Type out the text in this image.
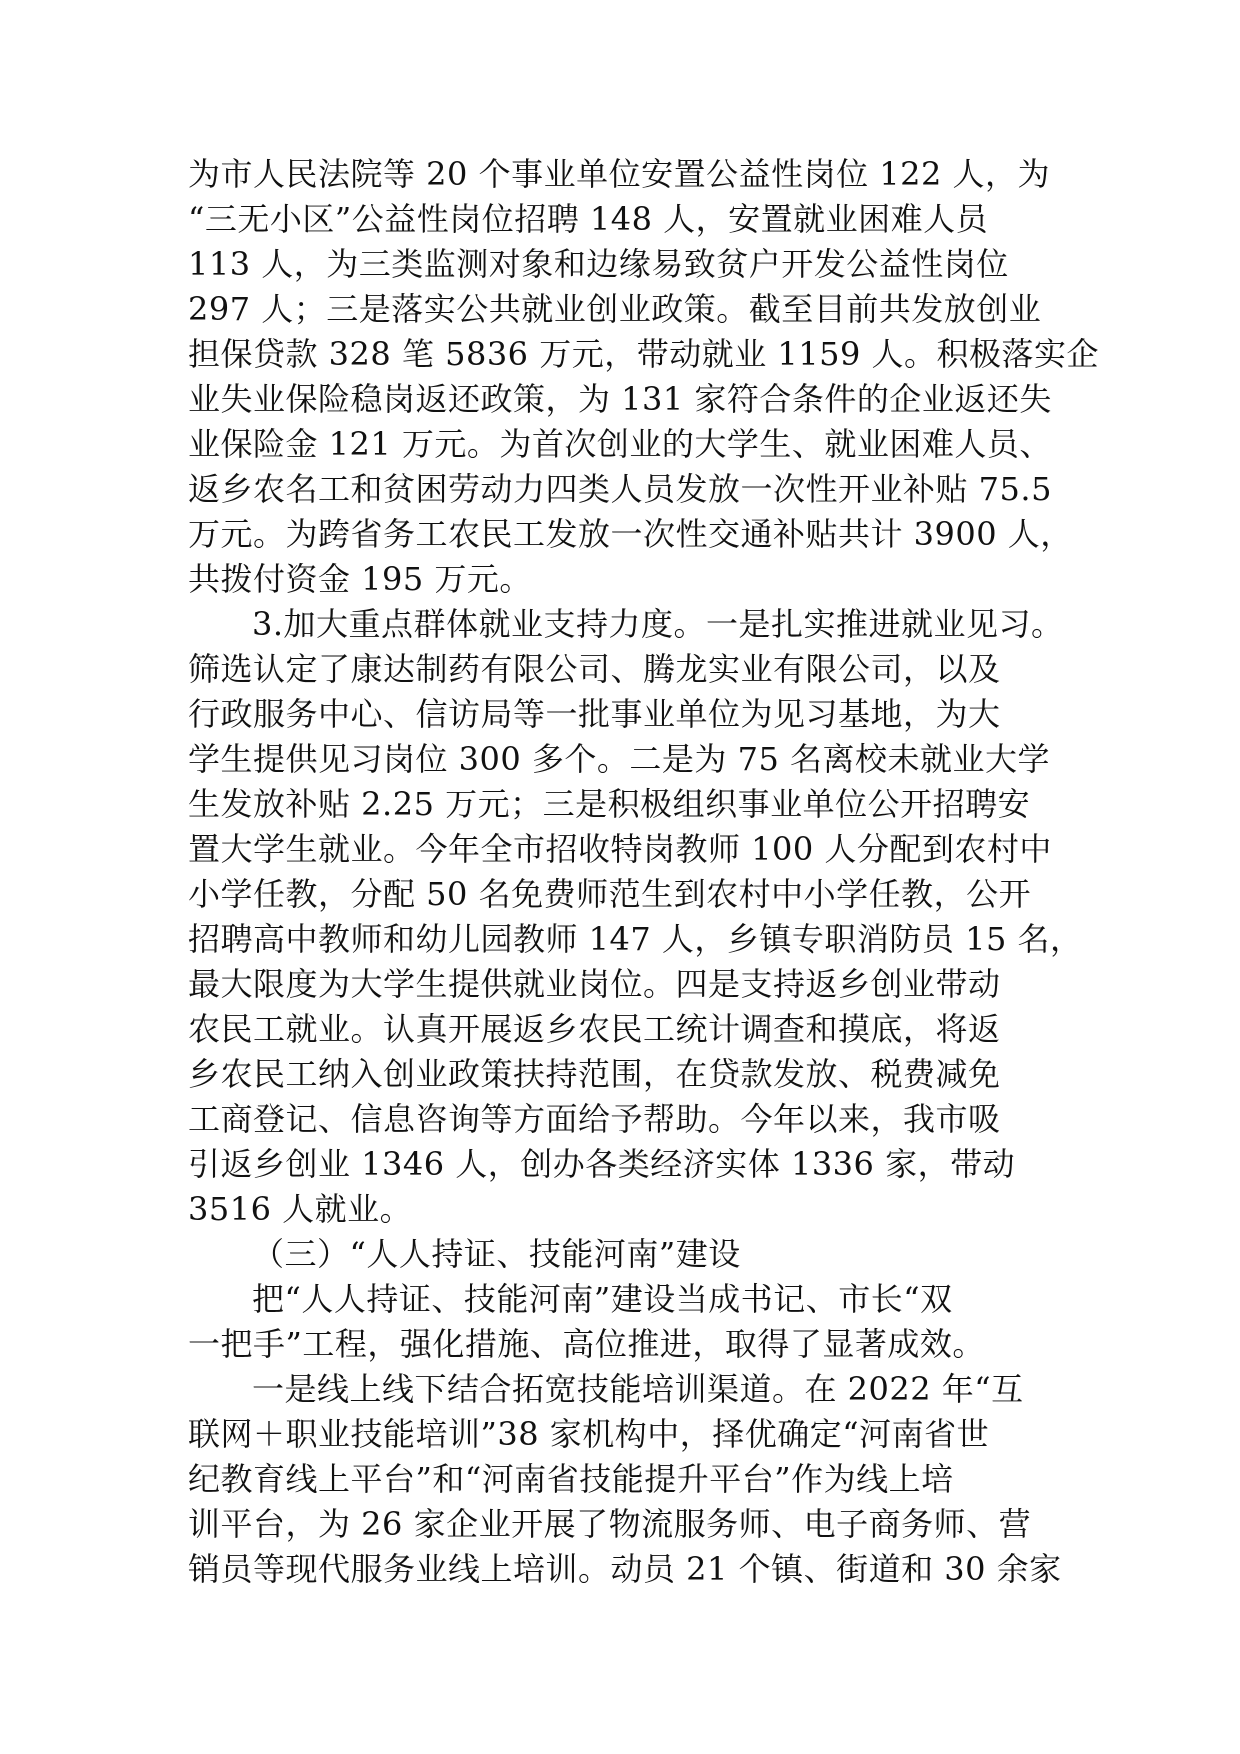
为市人民法院等 20 个事业单位安置公益性岗位 122 人，为
“三无小区”公益性岗位招聘 148 人，安置就业困难人员
113 人，为三类监测对象和边缘易致贫户开发公益性岗位
297 人；三是落实公共就业创业政策。截至目前共发放创业
担保贷款 328 笔 5836 万元，带动就业 1159 人。积极落实企
业失业保险稳岗返还政策，为 131 家符合条件的企业返还失
业保险金 121 万元。为首次创业的大学生、就业困难人员、
返乡农名工和贫困劳动力四类人员发放一次性开业补贴 75.5
万元。为跨省务工农民工发放一次性交通补贴共计 3900 人，
共拨付资金 195 万元。
3.加大重点群体就业支持力度。一是扎实推进就业见习。
筛选认定了康达制药有限公司、腾龙实业有限公司，以及
行政服务中心、信访局等一批事业单位为见习基地，为大
学生提供见习岗位 300 多个。二是为 75 名离校未就业大学
生发放补贴 2.25 万元；三是积极组织事业单位公开招聘安
置大学生就业。今年全市招收特岗教师 100 人分配到农村中
小学任教，分配 50 名免费师范生到农村中小学任教，公开
招聘高中教师和幼儿园教师 147 人，乡镇专职消防员 15 名，
最大限度为大学生提供就业岗位。四是支持返乡创业带动
农民工就业。认真开展返乡农民工统计调查和摸底，将返
乡农民工纳入创业政策扶持范围，在贷款发放、税费减免
工商登记、信息咨询等方面给予帮助。今年以来，我市吸
引返乡创业 1346 人，创办各类经济实体 1336 家，带动
3516 人就业。
（三）“人人持证、技能河南”建设
把“人人持证、技能河南”建设当成书记、市长“双
一把手”工程，强化措施、高位推进，取得了显著成效。
一是线上线下结合拓宽技能培训渠道。在 2022 年“互
联网＋职业技能培训”38 家机构中，择优确定“河南省世
纪教育线上平台”和“河南省技能提升平台”作为线上培
训平台，为 26 家企业开展了物流服务师、电子商务师、营
销员等现代服务业线上培训。动员 21 个镇、街道和 30 余家
